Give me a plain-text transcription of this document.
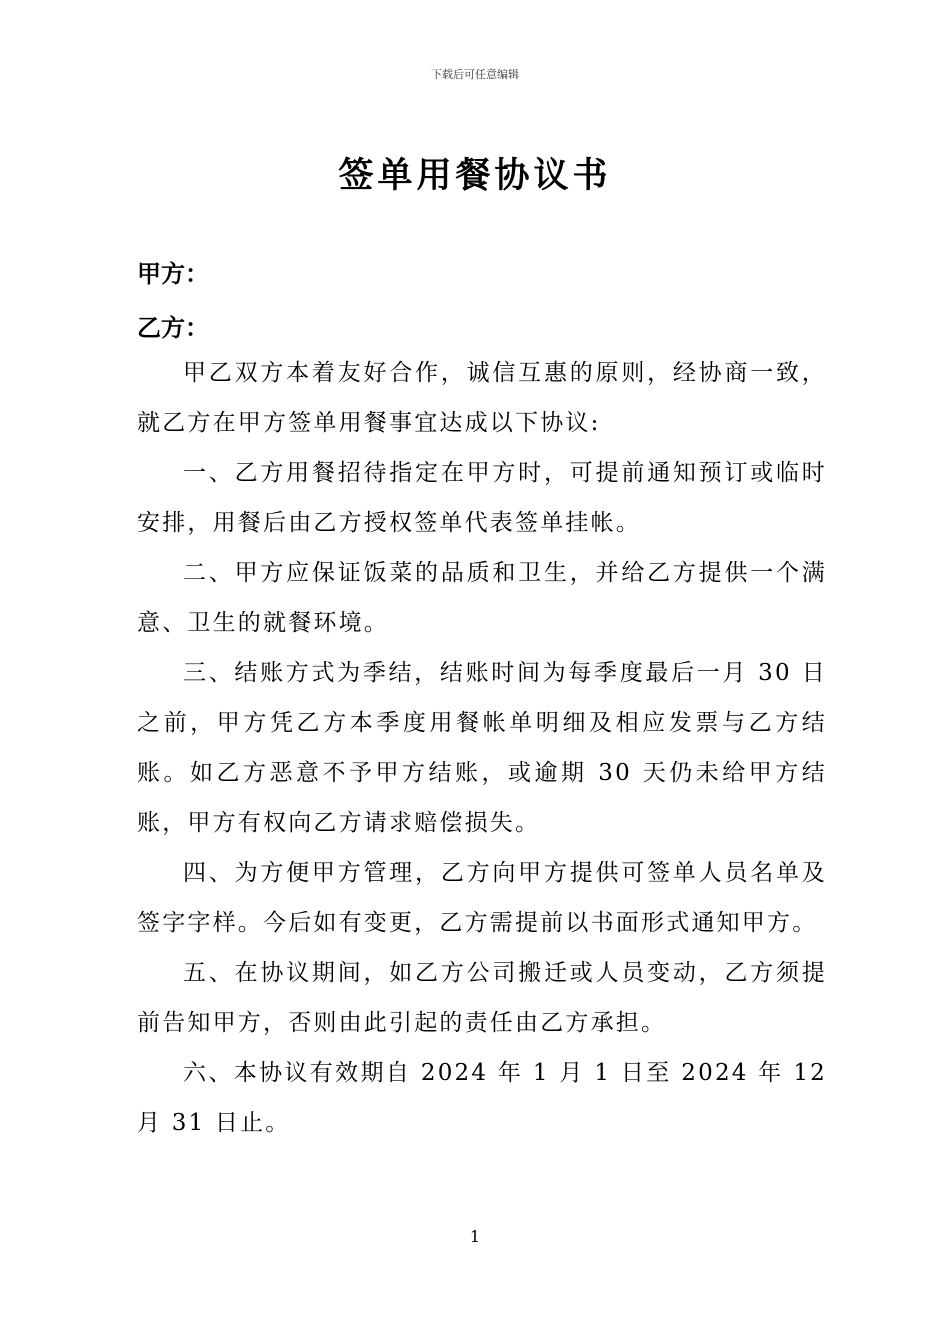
下载后可任意编辑
签单用餐协议书
甲方：
乙方：

甲乙双方本着友好合作，诚信互惠的原则，经协商一致，就乙方在甲方签单用餐事宜达成以下协议:

一、乙方用餐招待指定在甲方时，可提前通知预订或临时安排，用餐后由乙方授权签单代表签单挂帐。

二、甲方应保证饭菜的品质和卫生，并给乙方提供一个满意、卫生的就餐环境。

三、结账方式为季结，结账时间为每季度最后一月 30 日之前，甲方凭乙方本季度用餐帐单明细及相应发票与乙方结账。如乙方恶意不予甲方结账，或逾期 30 天仍未给甲方结账，甲方有权向乙方请求赔偿损失。

四、为方便甲方管理，乙方向甲方提供可签单人员名单及签字字样。今后如有变更，乙方需提前以书面形式通知甲方。

五、在协议期间，如乙方公司搬迁或人员变动，乙方须提前告知甲方，否则由此引起的责任由乙方承担。

六、本协议有效期自 2024 年 1 月 1 日至 2024 年 12 月 31 日止。

1
